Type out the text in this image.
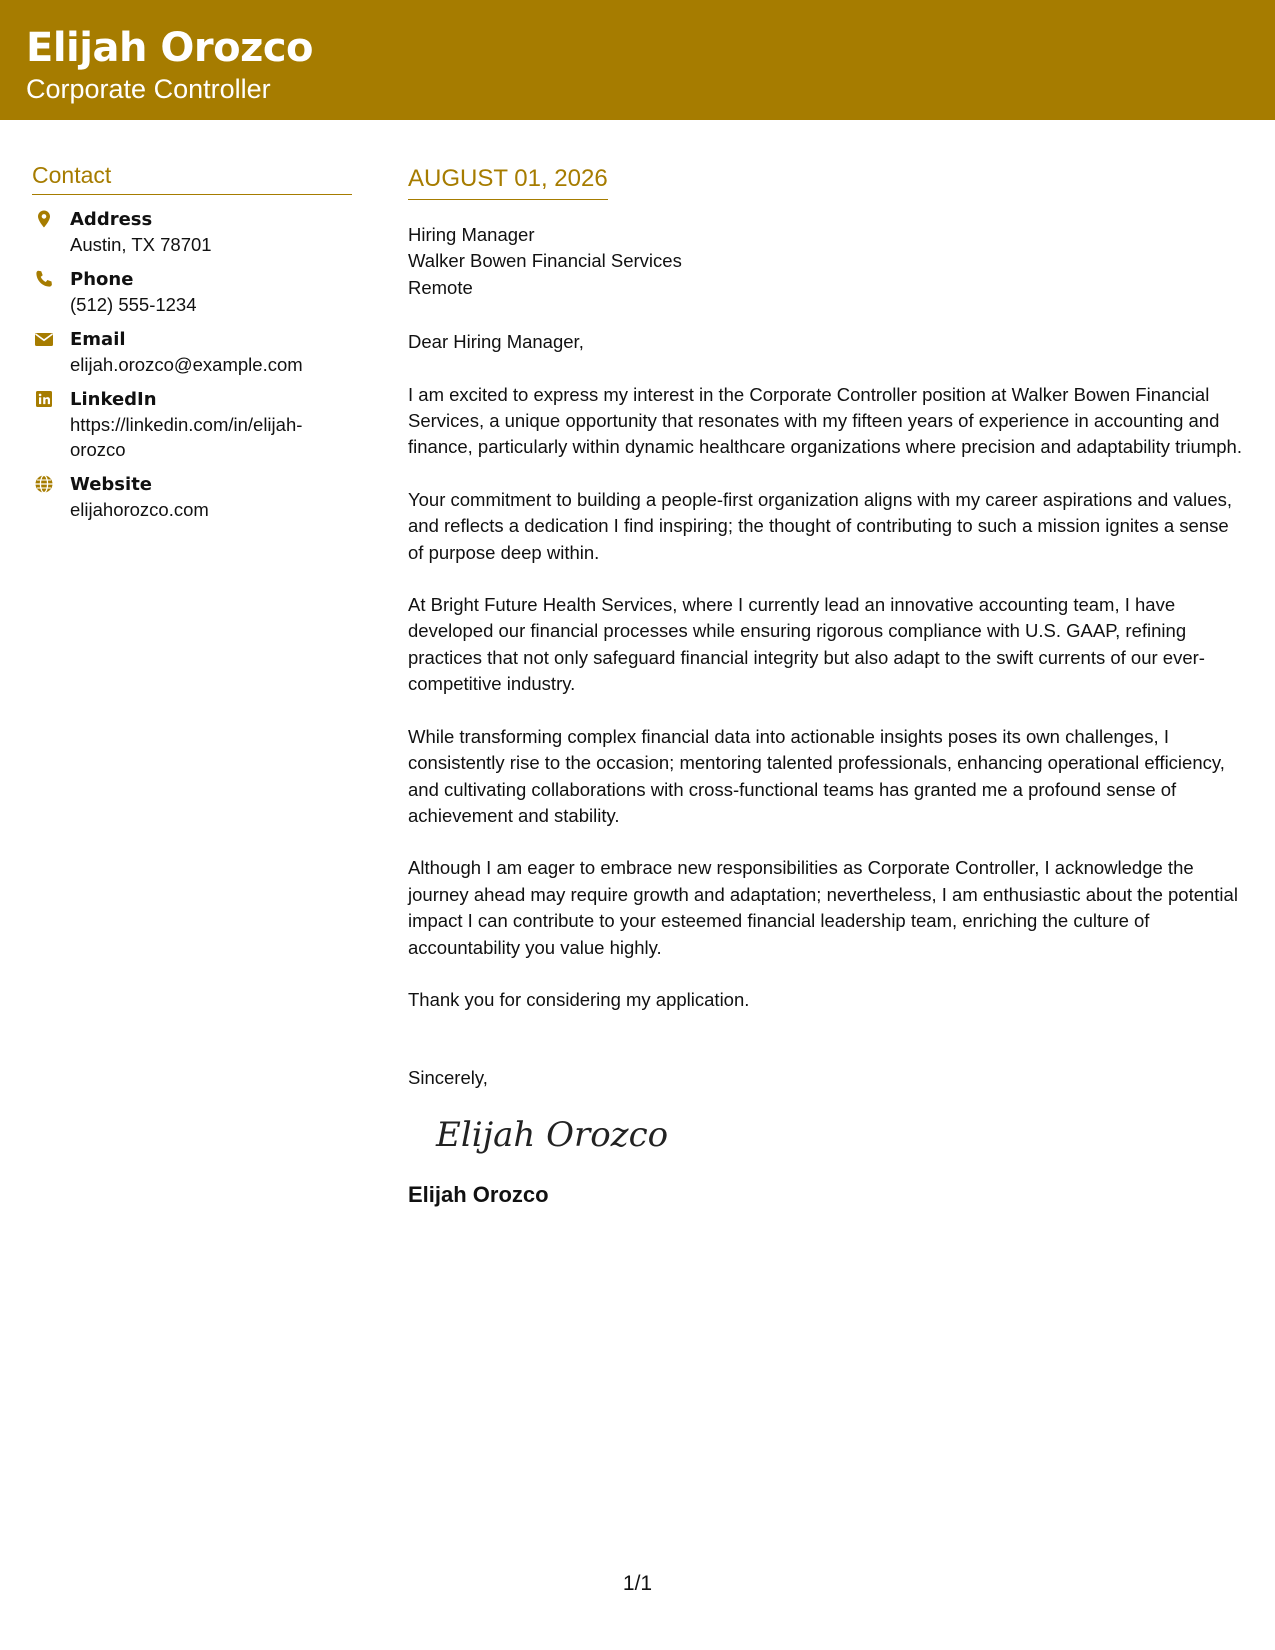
Elijah Orozco
Corporate Controller
Contact
Address
Austin, TX 78701
Phone
(512) 555-1234
Email
elijah.orozco@example.com
LinkedIn
https://linkedin.com/in/elijah-orozco
Website
elijahorozco.com
AUGUST 01, 2026
Hiring Manager
Walker Bowen Financial Services
Remote
Dear Hiring Manager,
I am excited to express my interest in the Corporate Controller position at Walker Bowen Financial Services, a unique opportunity that resonates with my fifteen years of experience in accounting and finance, particularly within dynamic healthcare organizations where precision and adaptability triumph.
Your commitment to building a people-first organization aligns with my career aspirations and values, and reflects a dedication I find inspiring; the thought of contributing to such a mission ignites a sense of purpose deep within.
At Bright Future Health Services, where I currently lead an innovative accounting team, I have developed our financial processes while ensuring rigorous compliance with U.S. GAAP, refining practices that not only safeguard financial integrity but also adapt to the swift currents of our ever-competitive industry.
While transforming complex financial data into actionable insights poses its own challenges, I consistently rise to the occasion; mentoring talented professionals, enhancing operational efficiency, and cultivating collaborations with cross-functional teams has granted me a profound sense of achievement and stability.
Although I am eager to embrace new responsibilities as Corporate Controller, I acknowledge the journey ahead may require growth and adaptation; nevertheless, I am enthusiastic about the potential impact I can contribute to your esteemed financial leadership team, enriching the culture of accountability you value highly.
Thank you for considering my application.
Sincerely,
Elijah Orozco
Elijah Orozco
1/1
